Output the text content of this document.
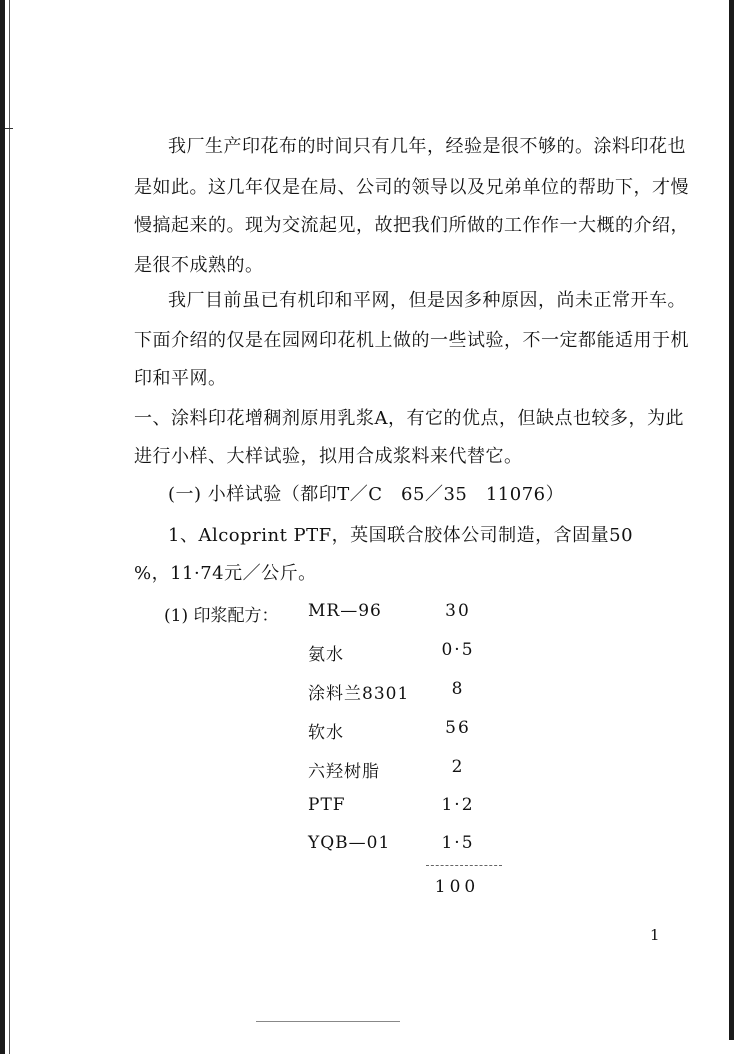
我厂生产印花布的时间只有几年，经验是很不够的。涂料印花也
是如此。这几年仅是在局、公司的领导以及兄弟单位的帮助下，才慢
慢搞起来的。现为交流起见，故把我们所做的工作作一大概的介绍，
是很不成熟的。
我厂目前虽已有机印和平网，但是因多种原因，尚未正常开车。
下面介绍的仅是在园网印花机上做的一些试验，不一定都能适用于机
印和平网。
一、涂料印花增稠剂原用乳浆A，有它的优点，但缺点也较多，为此
进行小样、大样试验，拟用合成浆料来代替它。
(一) 小样试验（都印T／C　65／35　11076）
1、Alcoprint PTF，英国联合胶体公司制造，含固量50
%，11·74元／公斤。
(1) 印浆配方： MR—96	30
氨水	0·5
涂料兰8301	8
软水	56
六羟树脂	2
PTF	1·2
YQB—01	1·5
100
1
